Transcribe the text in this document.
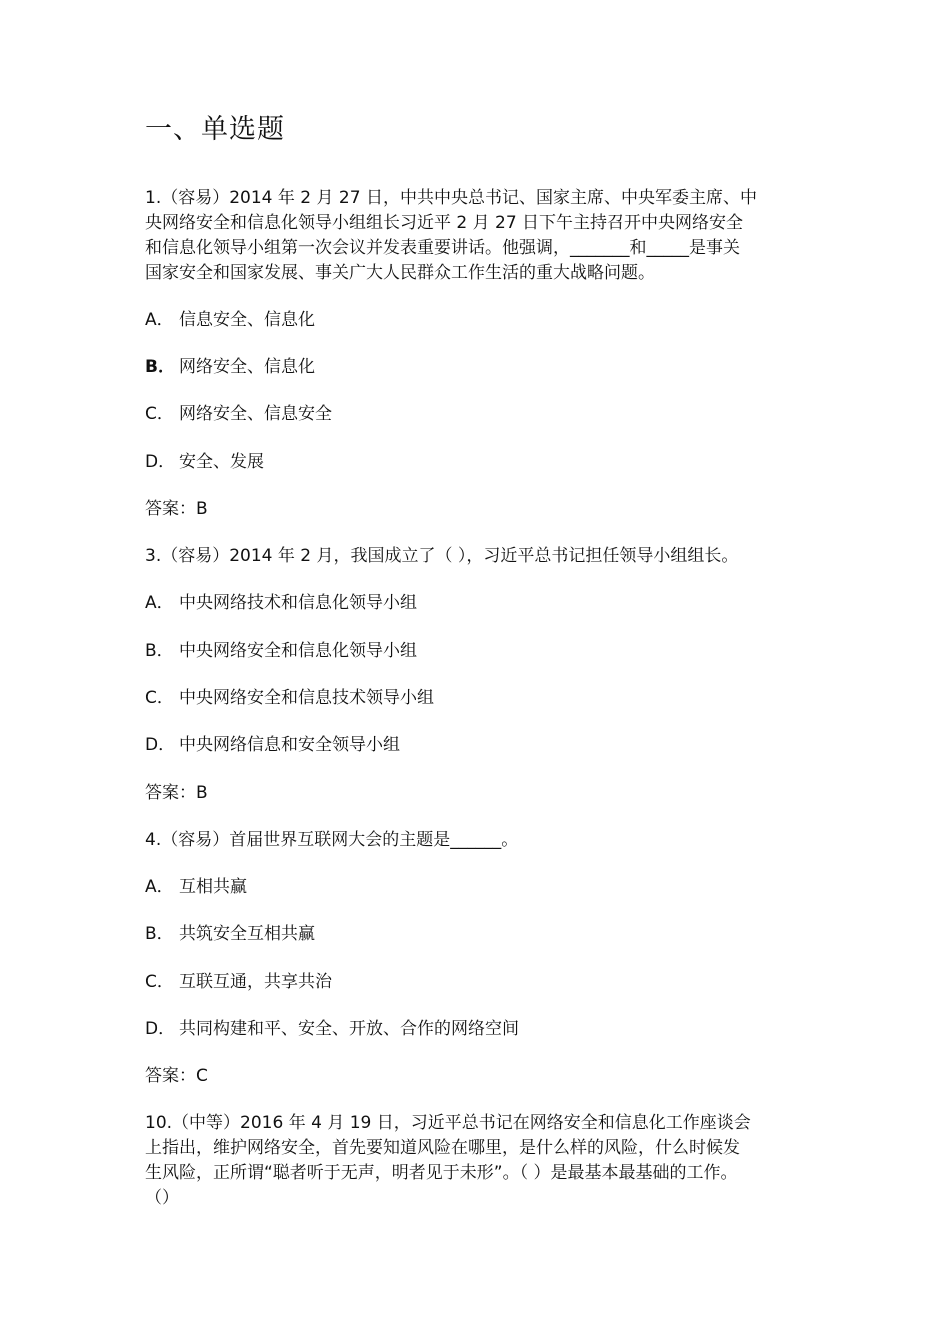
一、单选题
1.（容易）2014 年 2 月 27 日，中共中央总书记、国家主席、中央军委主席、中
央网络安全和信息化领导小组组长习近平 2 月 27 日下午主持召开中央网络安全
和信息化领导小组第一次会议并发表重要讲话。他强调，_______和_____是事关
国家安全和国家发展、事关广大人民群众工作生活的重大战略问题。
A． 信息安全、信息化
B． 网络安全、信息化
C． 网络安全、信息安全
D． 安全、发展
答案：B
3.（容易）2014 年 2 月，我国成立了（ ），习近平总书记担任领导小组组长。
A． 中央网络技术和信息化领导小组
B． 中央网络安全和信息化领导小组
C． 中央网络安全和信息技术领导小组
D． 中央网络信息和安全领导小组
答案：B
4.（容易）首届世界互联网大会的主题是______。
A． 互相共赢
B． 共筑安全互相共赢
C． 互联互通，共享共治
D． 共同构建和平、安全、开放、合作的网络空间
答案：C
10.（中等）2016 年 4 月 19 日，习近平总书记在网络安全和信息化工作座谈会
上指出，维护网络安全，首先要知道风险在哪里，是什么样的风险，什么时候发
生风险，正所谓“聪者听于无声，明者见于未形”。（ ）是最基本最基础的工作。
（）
